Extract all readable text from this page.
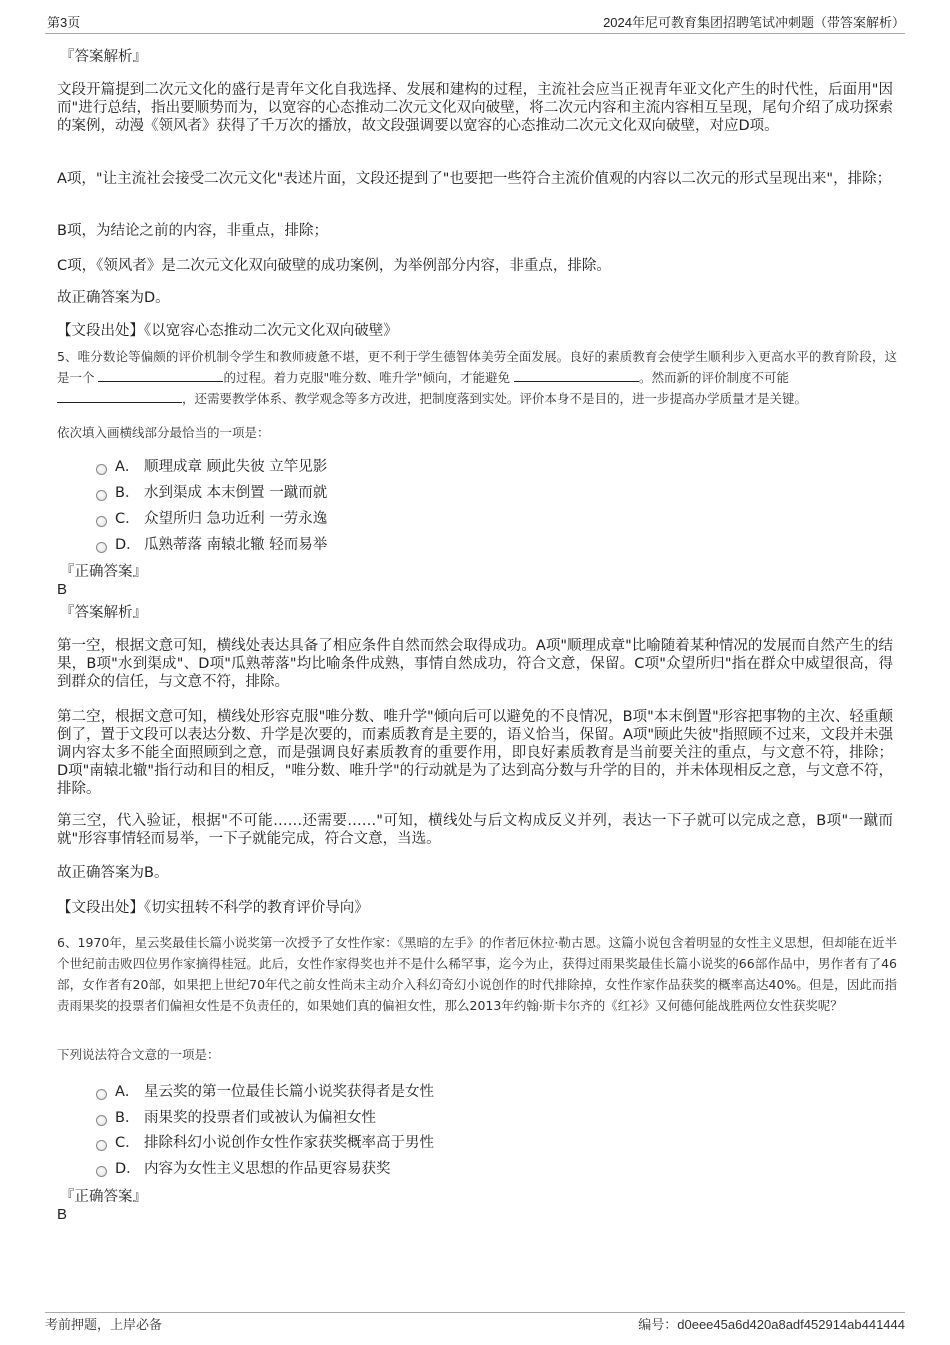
第3页	2024年尼可教育集团招聘笔试冲刺题（带答案解析）
『答案解析』

文段开篇提到二次元文化的盛行是青年文化自我选择、发展和建构的过程，主流社会应当正视青年亚文化产生的时代性，后面用"因而"进行总结，指出要顺势而为，以宽容的心态推动二次元文化双向破壁，将二次元内容和主流内容相互呈现，尾句介绍了成功探索的案例，动漫《领风者》获得了千万次的播放，故文段强调要以宽容的心态推动二次元文化双向破壁，对应D项。

A项，"让主流社会接受二次元文化"表述片面，文段还提到了"也要把一些符合主流价值观的内容以二次元的形式呈现出来"，排除；

B项，为结论之前的内容，非重点，排除；

C项，《领风者》是二次元文化双向破壁的成功案例，为举例部分内容，非重点，排除。

故正确答案为D。

【文段出处】《以宽容心态推动二次元文化双向破壁》

5、唯分数论等偏颇的评价机制令学生和教师疲惫不堪，更不利于学生德智体美劳全面发展。良好的素质教育会使学生顺利步入更高水平的教育阶段，这是一个	的过程。着力克服"唯分数、唯升学"倾向，才能避免	。然而新的评价制度不可能
，还需要教学体系、教学观念等多方改进，把制度落到实处。评价本身不是目的，进一步提高办学质量才是关键。

依次填入画横线部分最恰当的一项是：

A． 顺理成章 顾此失彼 立竿见影
B． 水到渠成 本末倒置 一蹴而就
C． 众望所归 急功近利 一劳永逸
D． 瓜熟蒂落 南辕北辙 轻而易举
『正确答案』
B
『答案解析』

第一空，根据文意可知，横线处表达具备了相应条件自然而然会取得成功。A项"顺理成章"比喻随着某种情况的发展而自然产生的结果，B项"水到渠成"、D项"瓜熟蒂落"均比喻条件成熟，事情自然成功，符合文意，保留。C项"众望所归"指在群众中威望很高，得到群众的信任，与文意不符，排除。

第二空，根据文意可知，横线处形容克服"唯分数、唯升学"倾向后可以避免的不良情况，B项"本末倒置"形容把事物的主次、轻重颠倒了，置于文段可以表达分数、升学是次要的，而素质教育是主要的，语义恰当，保留。A项"顾此失彼"指照顾不过来，文段并未强调内容太多不能全面照顾到之意，而是强调良好素质教育的重要作用，即良好素质教育是当前要关注的重点，与文意不符，排除；D项"南辕北辙"指行动和目的相反，"唯分数、唯升学"的行动就是为了达到高分数与升学的目的，并未体现相反之意，与文意不符，排除。

第三空，代入验证，根据"不可能……还需要……"可知，横线处与后文构成反义并列，表达一下子就可以完成之意，B项"一蹴而就"形容事情轻而易举，一下子就能完成，符合文意，当选。

故正确答案为B。

【文段出处】《切实扭转不科学的教育评价导向》

6、1970年，星云奖最佳长篇小说奖第一次授予了女性作家：《黑暗的左手》的作者厄休拉·勒古恩。这篇小说包含着明显的女性主义思想，但却能在近半个世纪前击败四位男作家摘得桂冠。此后，女性作家得奖也并不是什么稀罕事，迄今为止，获得过雨果奖最佳长篇小说奖的66部作品中，男作者有了46部，女作者有20部，如果把上世纪70年代之前女性尚未主动介入科幻奇幻小说创作的时代排除掉，女性作家作品获奖的概率高达40%。但是，因此而指责雨果奖的投票者们偏袒女性是不负责任的，如果她们真的偏袒女性，那么2013年约翰·斯卡尔齐的《红衫》又何德何能战胜两位女性获奖呢？

下列说法符合文意的一项是：

A． 星云奖的第一位最佳长篇小说奖获得者是女性
B． 雨果奖的投票者们或被认为偏袒女性
C． 排除科幻小说创作女性作家获奖概率高于男性
D． 内容为女性主义思想的作品更容易获奖
『正确答案』
B
考前押题，上岸必备	编号：d0eee45a6d420a8adf452914ab441444
